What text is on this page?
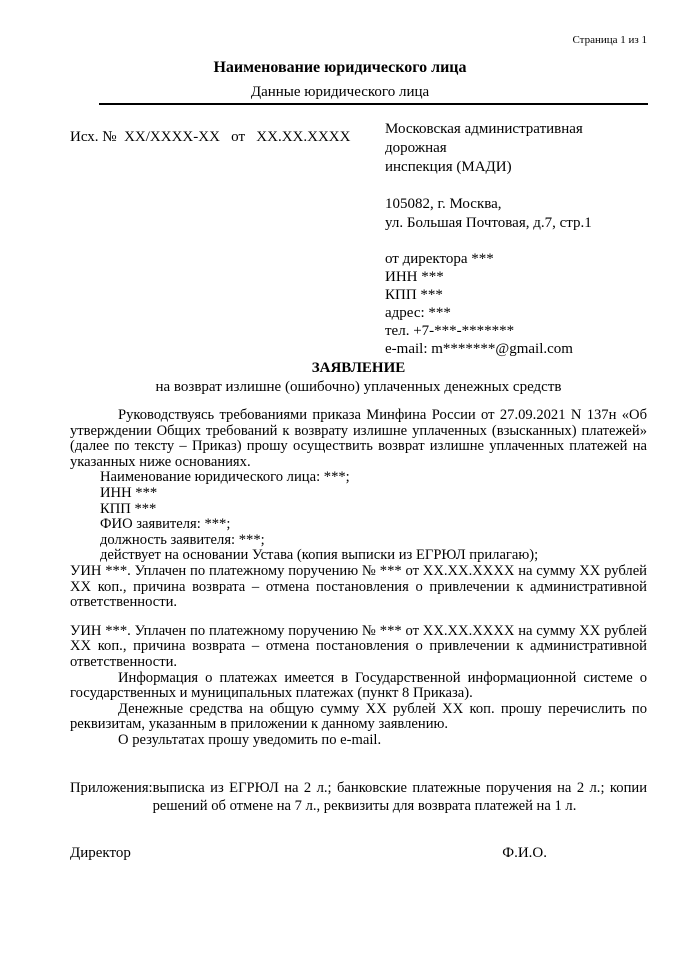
Страница 1 из 1
Наименование юридического лица
Данные юридического лица
Исх. №  XX/XXXX-XX   от   XX.XX.XXXX Московская административная дорожная
инспекция (МАДИ)
105082, г. Москва,
ул. Большая Почтовая, д.7, стр.1
от директора ***
ИНН ***
КПП ***
адрес: ***
тел. +7-***-*******
e-mail: m*******@gmail.com
ЗАЯВЛЕНИЕ
на возврат излишне (ошибочно) уплаченных денежных средств

Руководствуясь требованиями приказа Минфина России от 27.09.2021 N 137н «Об утверждении Общих требований к возврату излишне уплаченных (взысканных) платежей» (далее по тексту – Приказ) прошу осуществить возврат излишне уплаченных платежей на указанных ниже основаниях.

Наименование юридического лица: ***;
ИНН ***
КПП ***
ФИО заявителя: ***;
должность заявителя: ***;
действует на основании Устава (копия выписки из ЕГРЮЛ прилагаю);

УИН ***. Уплачен по платежному поручению № *** от XX.XX.XXXX на сумму XX рублей XX коп., причина возврата – отмена постановления о привлечении к административной ответственности.

УИН ***. Уплачен по платежному поручению № *** от XX.XX.XXXX на сумму XX рублей XX коп., причина возврата – отмена постановления о привлечении к административной ответственности.

Информация о платежах имеется в Государственной информационной системе о государственных и муниципальных платежах (пункт 8 Приказа).

Денежные средства на общую сумму XX рублей XX коп. прошу перечислить по реквизитам, указанным в приложении к данному заявлению.

О результатах прошу уведомить по e-mail.

Приложения: выписка из ЕГРЮЛ на 2 л.; банковские платежные поручения на 2 л.; копии решений об отмене на 7 л., реквизиты для возврата платежей на 1 л.
Директор	Ф.И.О.
